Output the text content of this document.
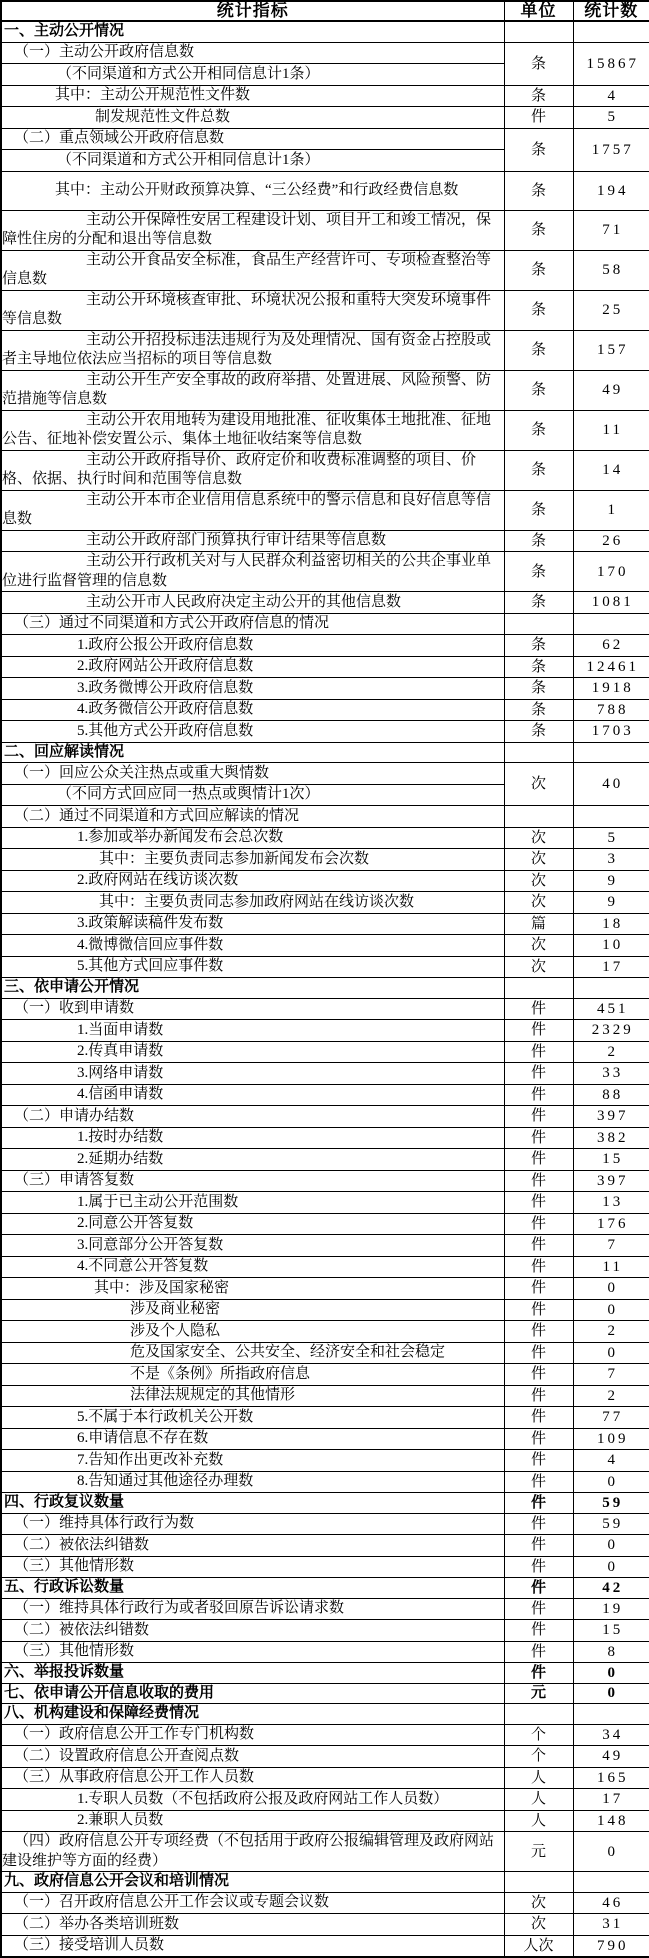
统计指标	单位	统计数
一、主动公开情况		
（一）主动公开政府信息数	条	15867
（不同渠道和方式公开相同信息计1条）		
其中：主动公开规范性文件数	条	4
制发规范性文件总数	件	5
（二）重点领域公开政府信息数	条	1757
（不同渠道和方式公开相同信息计1条）		
其中：主动公开财政预算决算、“三公经费”和行政经费信息数	条	194
主动公开保障性安居工程建设计划、项目开工和竣工情况，保障性住房的分配和退出等信息数	条	71
主动公开食品安全标准，食品生产经营许可、专项检查整治等信息数	条	58
主动公开环境核查审批、环境状况公报和重特大突发环境事件等信息数	条	25
主动公开招投标违法违规行为及处理情况、国有资金占控股或者主导地位依法应当招标的项目等信息数	条	157
主动公开生产安全事故的政府举措、处置进展、风险预警、防范措施等信息数	条	49
主动公开农用地转为建设用地批准、征收集体土地批准、征地公告、征地补偿安置公示、集体土地征收结案等信息数	条	11
主动公开政府指导价、政府定价和收费标准调整的项目、价格、依据、执行时间和范围等信息数	条	14
主动公开本市企业信用信息系统中的警示信息和良好信息等信息数	条	1
主动公开政府部门预算执行审计结果等信息数	条	26
主动公开行政机关对与人民群众利益密切相关的公共企事业单位进行监督管理的信息数	条	170
主动公开市人民政府决定主动公开的其他信息数	条	1081
（三）通过不同渠道和方式公开政府信息的情况		
1.政府公报公开政府信息数	条	62
2.政府网站公开政府信息数	条	12461
3.政务微博公开政府信息数	条	1918
4.政务微信公开政府信息数	条	788
5.其他方式公开政府信息数	条	1703
二、回应解读情况		
（一）回应公众关注热点或重大舆情数	次	40
（不同方式回应同一热点或舆情计1次）		
（二）通过不同渠道和方式回应解读的情况		
1.参加或举办新闻发布会总次数	次	5
其中：主要负责同志参加新闻发布会次数	次	3
2.政府网站在线访谈次数	次	9
其中：主要负责同志参加政府网站在线访谈次数	次	9
3.政策解读稿件发布数	篇	18
4.微博微信回应事件数	次	10
5.其他方式回应事件数	次	17
三、依申请公开情况		
（一）收到申请数	件	451
1.当面申请数	件	2329
2.传真申请数	件	2
3.网络申请数	件	33
4.信函申请数	件	88
（二）申请办结数	件	397
1.按时办结数	件	382
2.延期办结数	件	15
（三）申请答复数	件	397
1.属于已主动公开范围数	件	13
2.同意公开答复数	件	176
3.同意部分公开答复数	件	7
4.不同意公开答复数	件	11
其中：涉及国家秘密	件	0
涉及商业秘密	件	0
涉及个人隐私	件	2
危及国家安全、公共安全、经济安全和社会稳定	件	0
不是《条例》所指政府信息	件	7
法律法规规定的其他情形	件	2
5.不属于本行政机关公开数	件	77
6.申请信息不存在数	件	109
7.告知作出更改补充数	件	4
8.告知通过其他途径办理数	件	0
四、行政复议数量	件	59
（一）维持具体行政行为数	件	59
（二）被依法纠错数	件	0
（三）其他情形数	件	0
五、行政诉讼数量	件	42
（一）维持具体行政行为或者驳回原告诉讼请求数	件	19
（二）被依法纠错数	件	15
（三）其他情形数	件	8
六、举报投诉数量	件	0
七、依申请公开信息收取的费用	元	0
八、机构建设和保障经费情况		
（一）政府信息公开工作专门机构数	个	34
（二）设置政府信息公开查阅点数	个	49
（三）从事政府信息公开工作人员数	人	165
1.专职人员数（不包括政府公报及政府网站工作人员数）	人	17
2.兼职人员数	人	148
（四）政府信息公开专项经费（不包括用于政府公报编辑管理及政府网站建设维护等方面的经费）	元	0
九、政府信息公开会议和培训情况		
（一）召开政府信息公开工作会议或专题会议数	次	46
（二）举办各类培训班数	次	31
（三）接受培训人员数	人次	790
